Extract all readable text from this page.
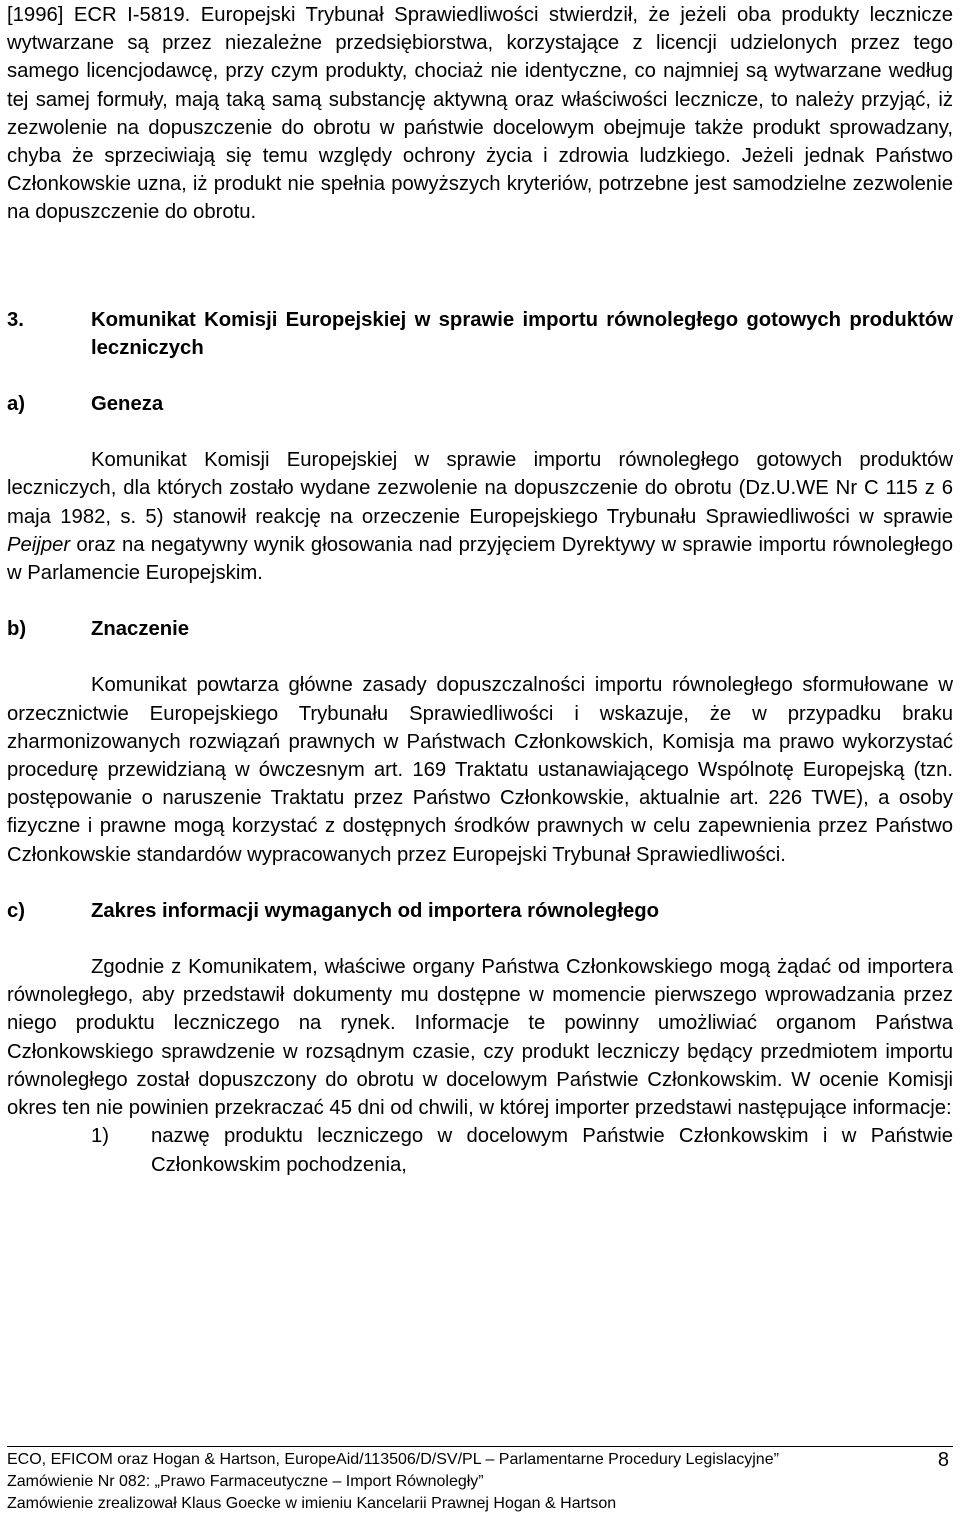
[1996] ECR I-5819. Europejski Trybunał Sprawiedliwości stwierdził, że jeżeli oba produkty lecznicze wytwarzane są przez niezależne przedsiębiorstwa, korzystające z licencji udzielonych przez tego samego licencjodawcę, przy czym produkty, chociaż nie identyczne, co najmniej są wytwarzane według tej samej formuły, mają taką samą substancję aktywną oraz właściwości lecznicze, to należy przyjąć, iż zezwolenie na dopuszczenie do obrotu w państwie docelowym obejmuje także produkt sprowadzany, chyba że sprzeciwiają się temu względy ochrony życia i zdrowia ludzkiego. Jeżeli jednak Państwo Członkowskie uzna, iż produkt nie spełnia powyższych kryteriów, potrzebne jest samodzielne zezwolenie na dopuszczenie do obrotu.

3.	Komunikat Komisji Europejskiej w sprawie importu równoległego gotowych produktów leczniczych
a)	Geneza

Komunikat Komisji Europejskiej w sprawie importu równoległego gotowych produktów leczniczych, dla których zostało wydane zezwolenie na dopuszczenie do obrotu (Dz.U.WE Nr C 115 z 6 maja 1982, s. 5) stanowił reakcję na orzeczenie Europejskiego Trybunału Sprawiedliwości w sprawie Peijper oraz na negatywny wynik głosowania nad przyjęciem Dyrektywy w sprawie importu równoległego w Parlamencie Europejskim.

b)	Znaczenie

Komunikat powtarza główne zasady dopuszczalności importu równoległego sformułowane w orzecznictwie Europejskiego Trybunału Sprawiedliwości i wskazuje, że w przypadku braku zharmonizowanych rozwiązań prawnych w Państwach Członkowskich, Komisja ma prawo wykorzystać procedurę przewidzianą w ówczesnym art. 169 Traktatu ustanawiającego Wspólnotę Europejską (tzn. postępowanie o naruszenie Traktatu przez Państwo Członkowskie, aktualnie art. 226 TWE), a osoby fizyczne i prawne mogą korzystać z dostępnych środków prawnych w celu zapewnienia przez Państwo Członkowskie standardów wypracowanych przez Europejski Trybunał Sprawiedliwości.

c)	Zakres informacji wymaganych od importera równoległego

Zgodnie z Komunikatem, właściwe organy Państwa Członkowskiego mogą żądać od importera równoległego, aby przedstawił dokumenty mu dostępne w momencie pierwszego wprowadzania przez niego produktu leczniczego na rynek. Informacje te powinny umożliwiać organom Państwa Członkowskiego sprawdzenie w rozsądnym czasie, czy produkt leczniczy będący przedmiotem importu równoległego został dopuszczony do obrotu w docelowym Państwie Członkowskim. W ocenie Komisji okres ten nie powinien przekraczać 45 dni od chwili, w której importer przedstawi następujące informacje:

1)	nazwę produktu leczniczego w docelowym Państwie Członkowskim i w Państwie Członkowskim pochodzenia,
ECO, EFICOM oraz Hogan & Hartson, EuropeAid/113506/D/SV/PL – Parlamentarne Procedury Legislacyjne”	8
Zamówienie Nr 082: „Prawo Farmaceutyczne – Import Równoległy”
Zamówienie zrealizował Klaus Goecke w imieniu Kancelarii Prawnej Hogan & Hartson
